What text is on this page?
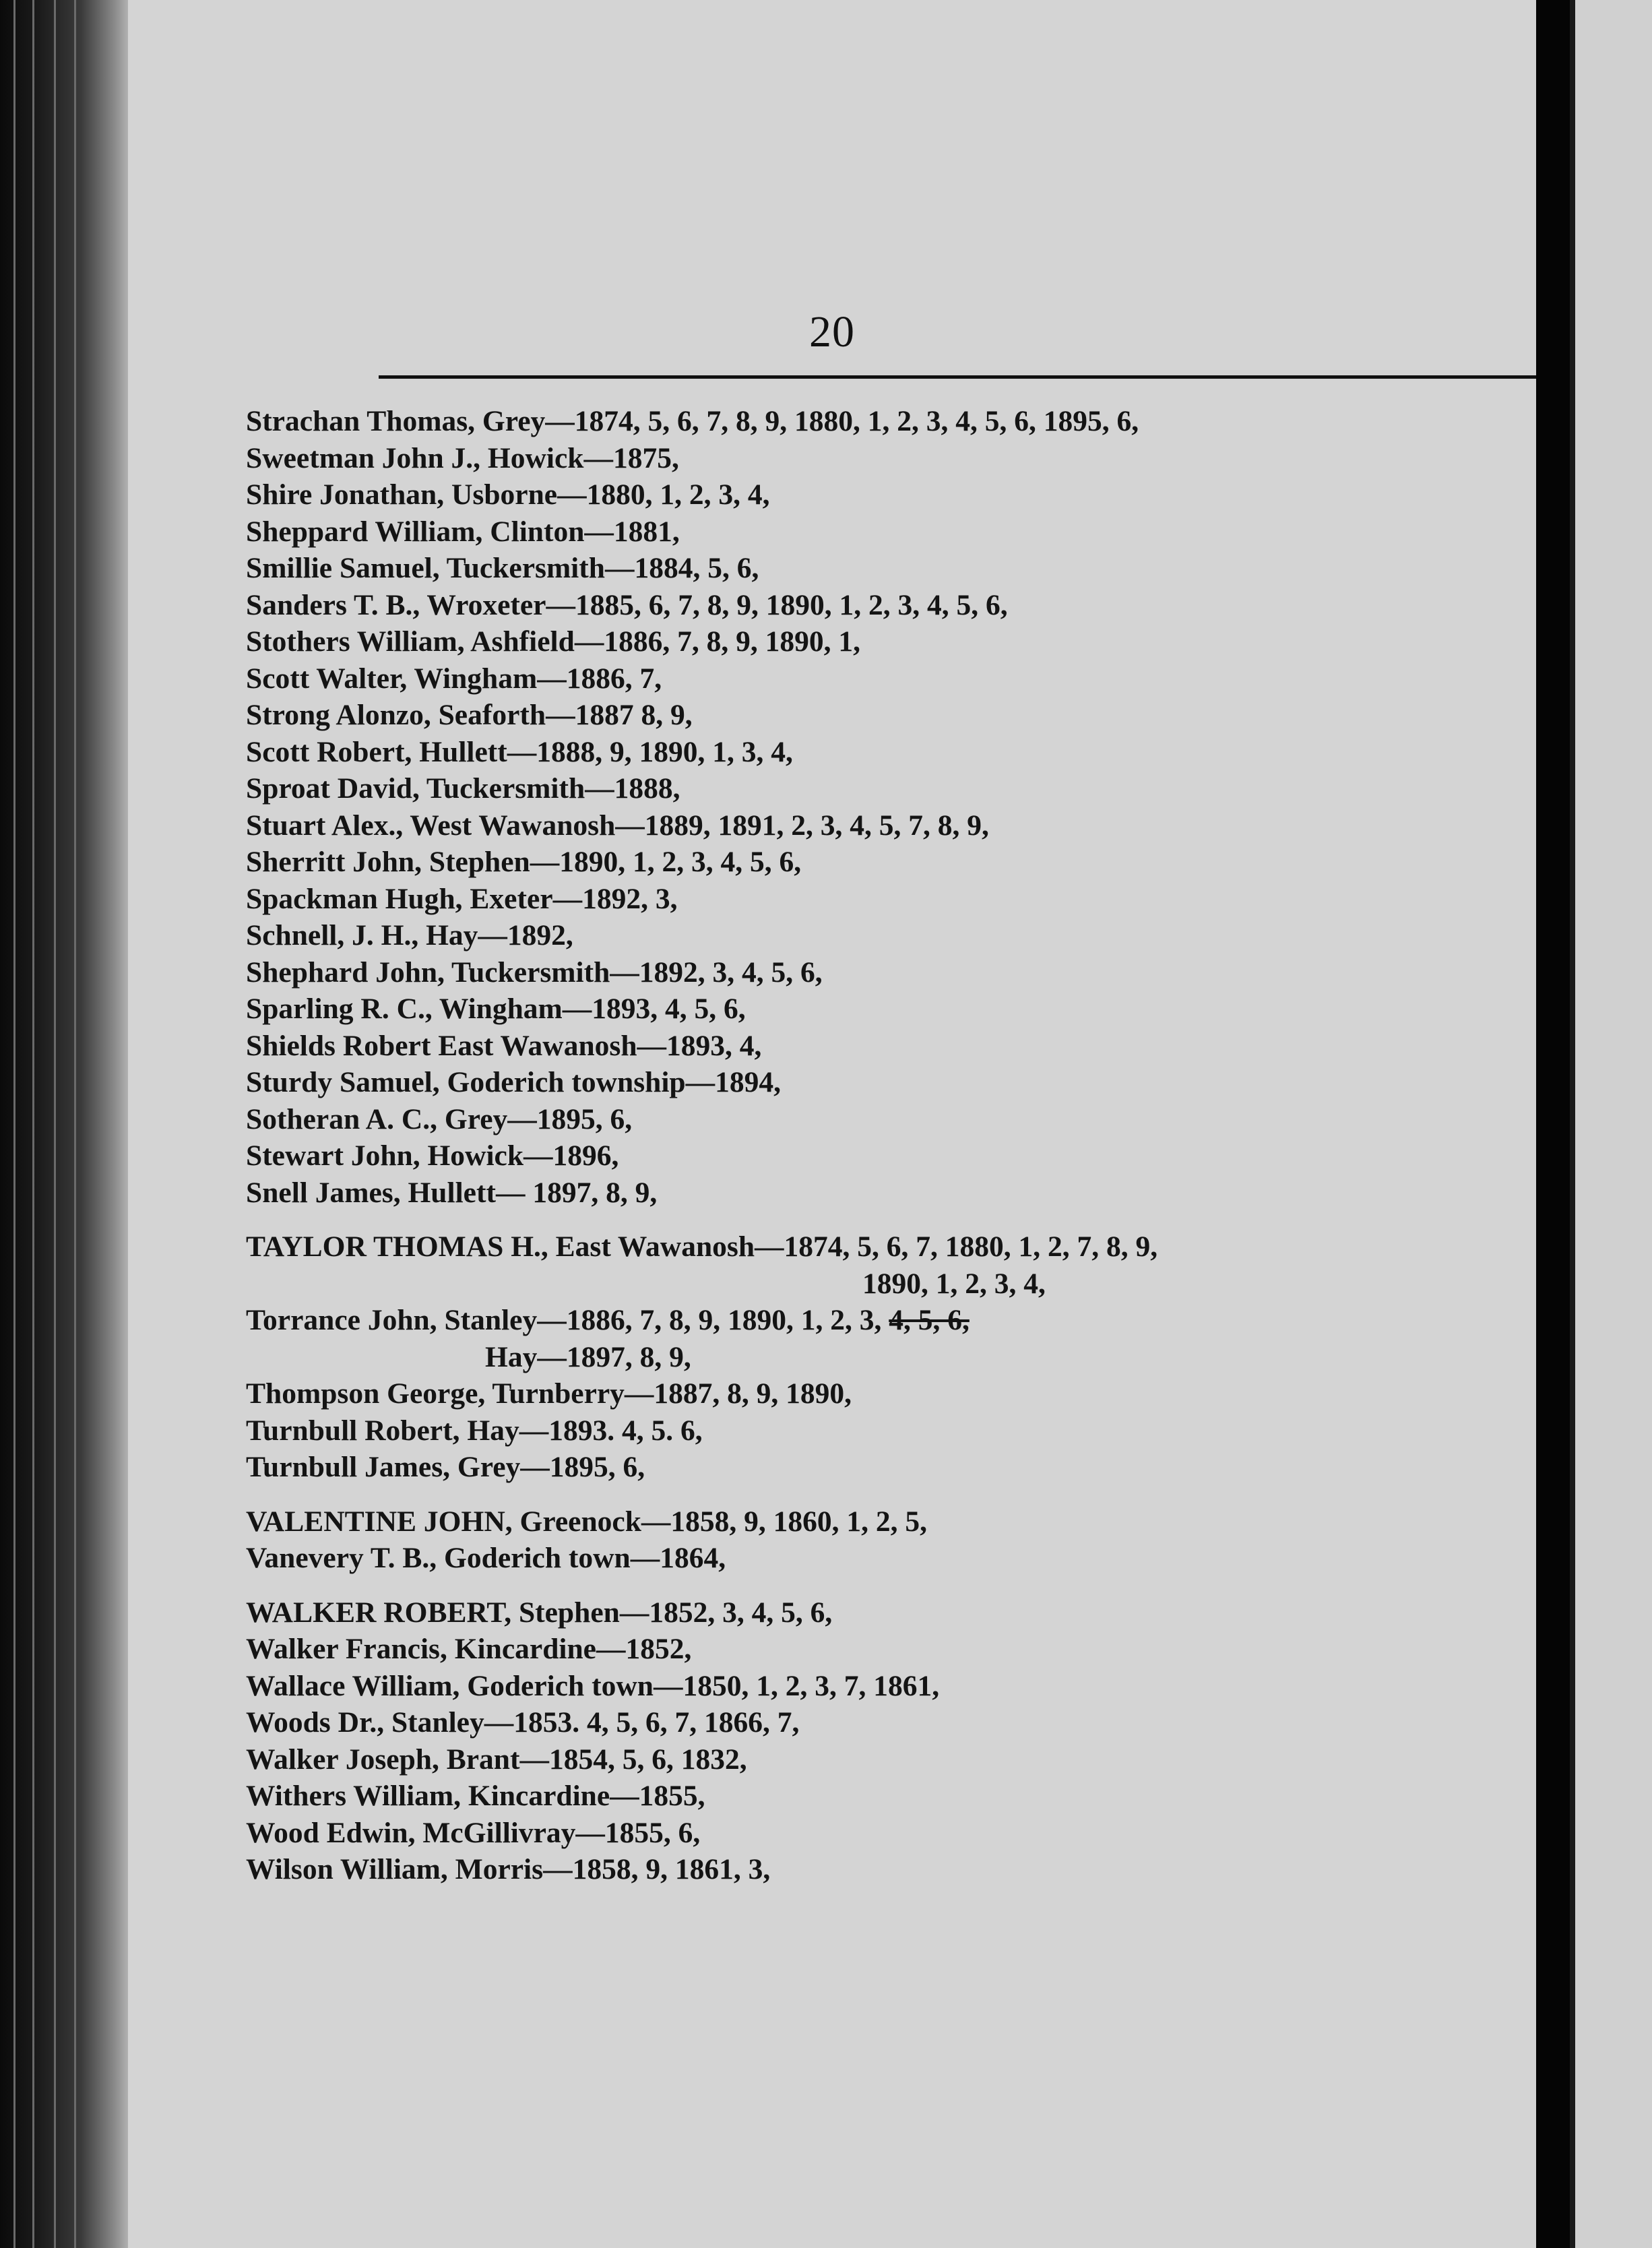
20
Strachan Thomas, Grey—1874, 5, 6, 7, 8, 9, 1880, 1, 2, 3, 4, 5, 6, 1895, 6,
Sweetman John J., Howick—1875,
Shire Jonathan, Usborne—1880, 1, 2, 3, 4,
Sheppard William, Clinton—1881,
Smillie Samuel, Tuckersmith—1884, 5, 6,
Sanders T. B., Wroxeter—1885, 6, 7, 8, 9, 1890, 1, 2, 3, 4, 5, 6,
Stothers William, Ashfield—1886, 7, 8, 9, 1890, 1,
Scott Walter, Wingham—1886, 7,
Strong Alonzo, Seaforth—1887 8, 9,
Scott Robert, Hullett—1888, 9, 1890, 1, 3, 4,
Sproat David, Tuckersmith—1888,
Stuart Alex., West Wawanosh—1889, 1891, 2, 3, 4, 5, 7, 8, 9,
Sherritt John, Stephen—1890, 1, 2, 3, 4, 5, 6,
Spackman Hugh, Exeter—1892, 3,
Schnell, J. H., Hay—1892,
Shephard John, Tuckersmith—1892, 3, 4, 5, 6,
Sparling R. C., Wingham—1893, 4, 5, 6,
Shields Robert East Wawanosh—1893, 4,
Sturdy Samuel, Goderich township—1894,
Sotheran A. C., Grey—1895, 6,
Stewart John, Howick—1896,
Snell James, Hullett— 1897, 8, 9,
TAYLOR THOMAS H., East Wawanosh—1874, 5, 6, 7, 1880, 1, 2, 7, 8, 9,
1890, 1, 2, 3, 4,
Torrance John, Stanley—1886, 7, 8, 9, 1890, 1, 2, 3, 4, 5, 6,
Hay—1897, 8, 9,
Thompson George, Turnberry—1887, 8, 9, 1890,
Turnbull Robert, Hay—1893. 4, 5. 6,
Turnbull James, Grey—1895, 6,
VALENTINE JOHN, Greenock—1858, 9, 1860, 1, 2, 5,
Vanevery T. B., Goderich town—1864,
WALKER ROBERT, Stephen—1852, 3, 4, 5, 6,
Walker Francis, Kincardine—1852,
Wallace William, Goderich town—1850, 1, 2, 3, 7, 1861,
Woods Dr., Stanley—1853. 4, 5, 6, 7, 1866, 7,
Walker Joseph, Brant—1854, 5, 6, 1832,
Withers William, Kincardine—1855,
Wood Edwin, McGillivray—1855, 6,
Wilson William, Morris—1858, 9, 1861, 3,
